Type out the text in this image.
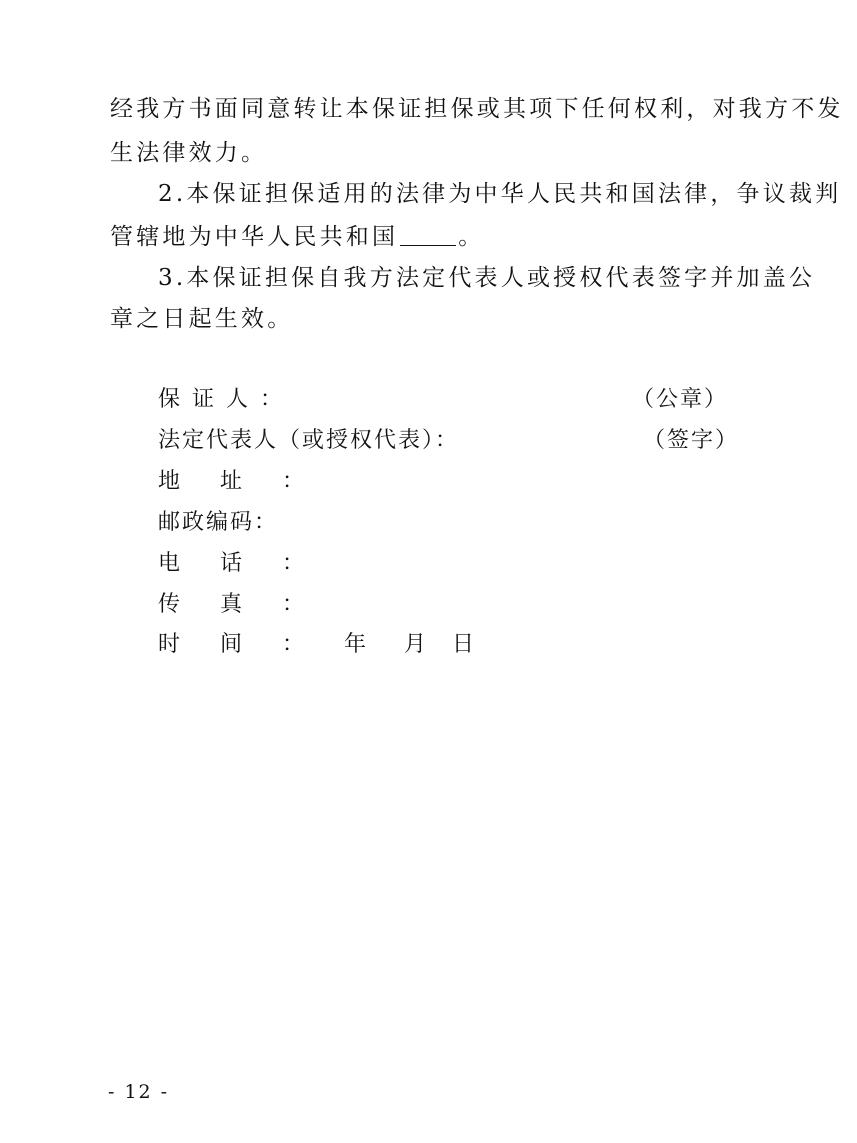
经我方书面同意转让本保证担保或其项下任何权利，对我方不发
生法律效力。
2.本保证担保适用的法律为中华人民共和国法律，争议裁判
管辖地为中华人民共和国	。
3.本保证担保自我方法定代表人或授权代表签字并加盖公
章之日起生效。
保证人：	（公章）
法定代表人（或授权代表）：	（签字）
地址：
邮政编码：
电话：
传真：
时间： 年 月 日
- 12 -
